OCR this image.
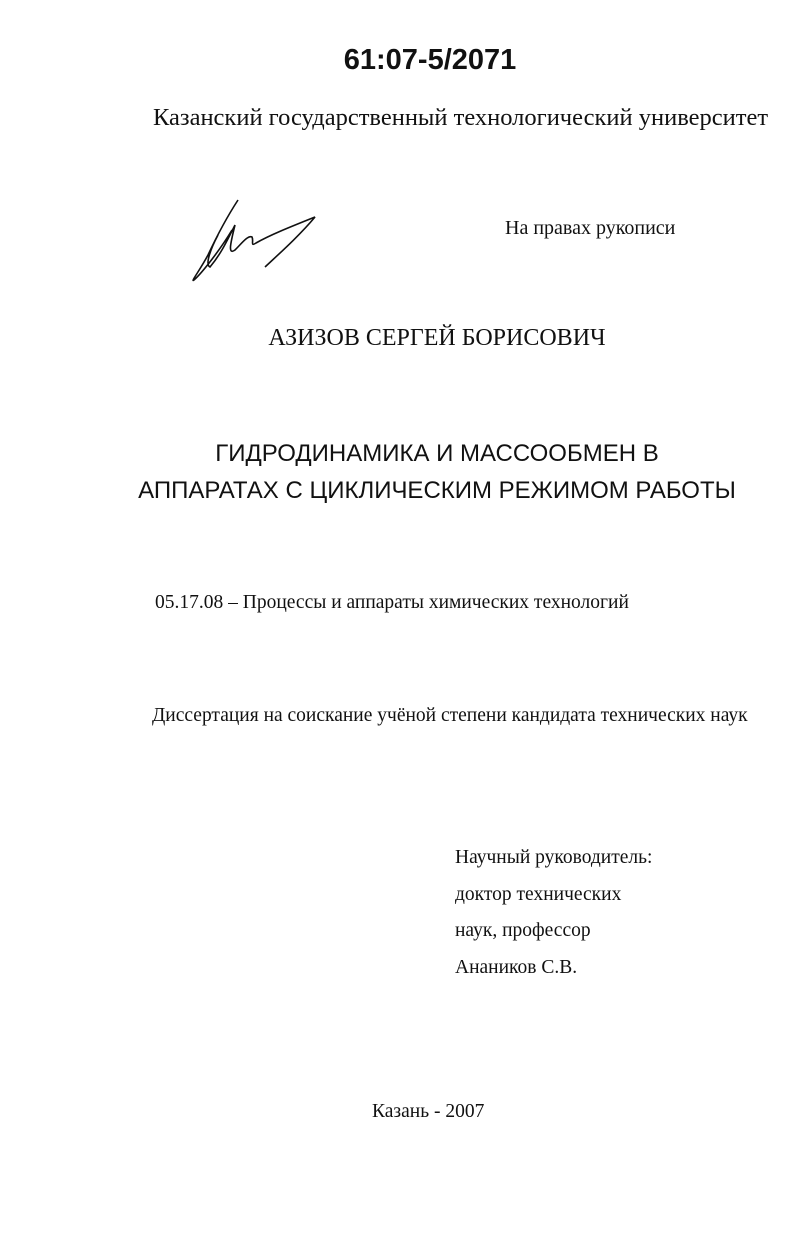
61:07-5/2071
Казанский государственный технологический университет
На правах рукописи
АЗИЗОВ СЕРГЕЙ БОРИСОВИЧ
ГИДРОДИНАМИКА И МАССООБМЕН В
АППАРАТАХ С ЦИКЛИЧЕСКИМ РЕЖИМОМ РАБОТЫ
05.17.08 – Процессы и аппараты химических технологий
Диссертация на соискание учёной степени кандидата технических наук
Научный руководитель:
доктор технических
наук, профессор
Анаников С.В.
Казань - 2007
